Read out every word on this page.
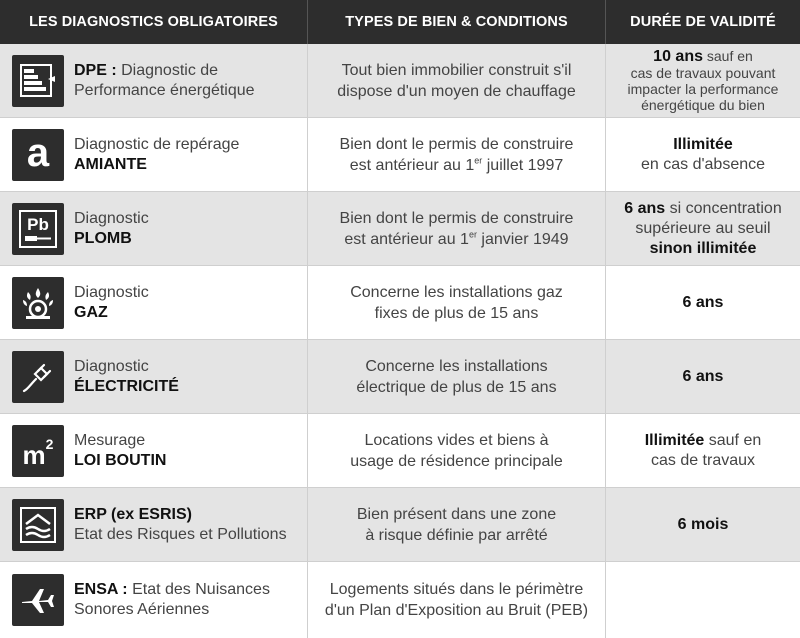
LES DIAGNOSTICS OBLIGATOIRES	TYPES DE BIEN & CONDITIONS	DURÉE DE VALIDITÉ
DPE : Diagnostic de
Performance énergétique
Tout bien immobilier construit s'il
dispose d'un moyen de chauffage
10 ans sauf en
cas de travaux pouvant
impacter la performance
énergétique du bien
a Diagnostic de repérage
AMIANTE
Bien dont le permis de construire
est antérieur au 1er juillet 1997
Illimitée
en cas d'absence
Pb Diagnostic
PLOMB
Bien dont le permis de construire
est antérieur au 1er janvier 1949
6 ans si concentration
supérieure au seuil
sinon illimitée
Diagnostic
GAZ
Concerne les installations gaz
fixes de plus de 15 ans
6 ans
Diagnostic
ÉLECTRICITÉ
Concerne les installations
électrique de plus de 15 ans
6 ans
m 2 Mesurage
LOI BOUTIN
Locations vides et biens à
usage de résidence principale
Illimitée sauf en
cas de travaux
ERP (ex ESRIS)
Etat des Risques et Pollutions
Bien présent dans une zone
à risque définie par arrêté
6 mois
ENSA : Etat des Nuisances
Sonores Aériennes
Logements situés dans le périmètre
d'un Plan d'Exposition au Bruit (PEB)
